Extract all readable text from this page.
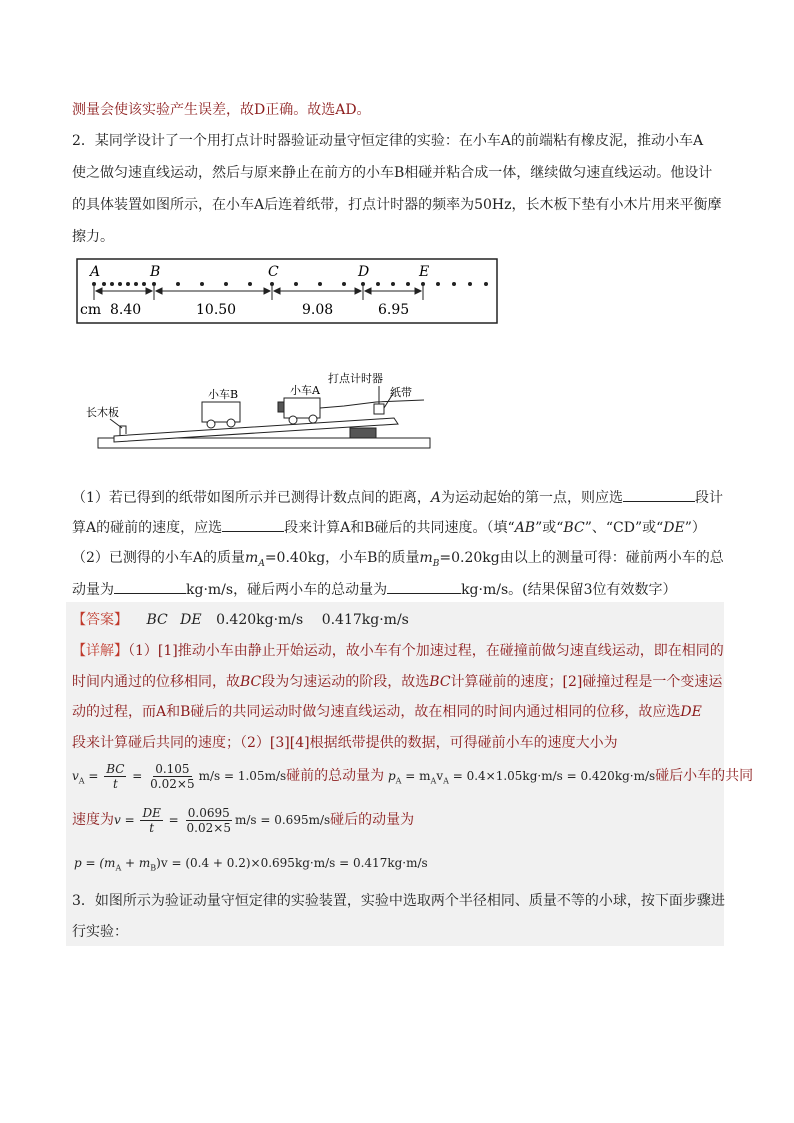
测量会使该实验产生误差，故D正确。故选AD。
2．某同学设计了一个用打点计时器验证动量守恒定律的实验：在小车A的前端粘有橡皮泥，推动小车A
使之做匀速直线运动，然后与原来静止在前方的小车B相碰并粘合成一体，继续做匀速直线运动。他设计
的具体装置如图所示，在小车A后连着纸带，打点计时器的频率为50Hz，长木板下垫有小木片用来平衡摩
擦力。
A	B	C	D	E
cm 8.40	10.50	9.08	6.95
打点计时器
纸带
小车A
小车B
长木板
（1）若已得到的纸带如图所示并已测得计数点间的距离，A为运动起始的第一点，则应选	段计
算A的碰前的速度，应选	段来计算A和B碰后的共同速度。（填“AB”或“BC”、“CD”或“DE”）
（2）已测得的小车A的质量$m_A=0.40kg$，小车B的质量$m_B=0.20kg$由以上的测量可得：碰前两小车的总
动量为	kg·m/s，碰后两小车的总动量为	kg·m/s。(结果保留3位有效数字）
【答案】 BC DE 0.420kg·m/s 0.417kg·m/s
【详解】（1）[1]推动小车由静止开始运动，故小车有个加速过程，在碰撞前做匀速直线运动，即在相同的
时间内通过的位移相同，故BC段为匀速运动的阶段，故选BC计算碰前的速度；[2]碰撞过程是一个变速运
动的过程，而A和B碰后的共同运动时做匀速直线运动，故在相同的时间内通过相同的位移，故应选DE
段来计算碰后共同的速度；（2）[3][4]根据纸带提供的数据，可得碰前小车的速度大小为
$v_A = \frac{BC}{t} = \frac{0.105}{0.02\times 5} m/s = 1.05m/s$碰前的总动量为 $p_A = m_Av_A = 0.4\times 1.05kg\cdot m/s = 0.420kg\cdot m/s$碰后小车的共同
速度为$v = \frac{DE}{t} = \frac{0.0695}{0.02\times 5} m/s = 0.695m/s$碰后的动量为
$p = (m_A + m_B)v = (0.4 + 0.2)\times 0.695kg\cdot m/s = 0.417kg\cdot m/s$
3．如图所示为验证动量守恒定律的实验装置，实验中选取两个半径相同、质量不等的小球，按下面步骤进
行实验：
